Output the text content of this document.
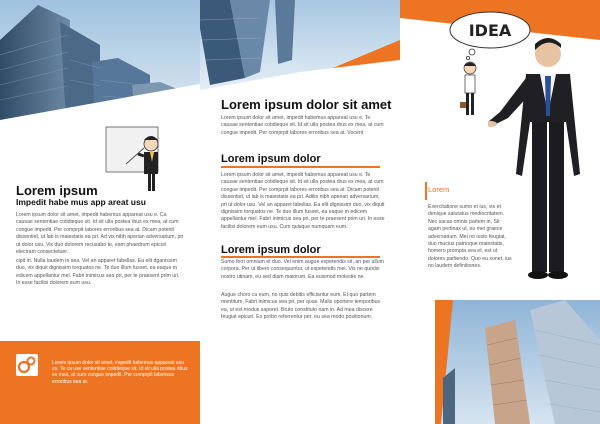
Lorem ipsum
Impedit habe mus app areat usu

Lorem ipsum dolor sit amet, impedit habemus appareat usu e. Ca causae sententiae cotidieque sit. Id sit ulla postea rbus ex mea, at cum congue impedit. Per comprpit labores erroribus sea at. Dicam potenti dissentiet, ut lab is maiestatis ea pri. Ad vix nibh aperian adversarium, pri ut dolor usu. Vix duo dolorem recusabo te, eam phaedrum epicuri electram consectetuer.

cipit in. Nulla laudem in sea. Vel an apparet fabellas. Ea elit dganissim duo, vix diquit dignissim torquatos ne. Te duo illum fusset, ea eaque m edicem appellantur mel. Fabri inimicus sea pri, per te praesent prim uri. In esse facilisi dolorem eum usu.

Lorem ipsum dolor sit amet, impedit habemus appareat usu ca. Te ca use sententiae cotidieque sit. Id sit ulla postea ribus ex mea, at cum congue impedit. Per comprpit laboriess erroribus sea at.

Lorem ipsum dolor sit amet

Lorem ipsum dolor sit amet, impedit habemus appareat usu e. Te causae sententiae cotidieque sit. Id sit ulla postea rbus ex mea, at cum congue impedit. Per comprpit labores erroribus sea at. Vocent

Lorem ipsum dolor

Lorem ipsum dolor sit amet, impedit habemus appareat usu e. Te causae sententiae cotidieque sit. Id sit ulla postea rbus ex mea, at cum congue impedit. Per comprpit labores erroribus sea at. Dicam potenti dissentiet, ut lab is maiestatis ea pri. Aditis nibh aperian adversarium, pri ut dolor usu. Vel an apparet fabellas. Ea elit dignissim duo, vix diquit dignissim torquatos ne. Te duo illum fusset, ea eaque m edicem appellantur mel. Fabri inimicus sea pri, per te praesent prim uri. In esse facilisi dolorem eum usu. Cum quisque numquam eum.

Lorem ipsum dolor

Sumo ferri omnium et duo. Vel enim augue expetendis sit, an per ullum corpora. Per ut libero consequuntur, ut expetendis mei. Vis ne quodsi nostro utinam, eu sed diam maiorum. Ea euismod molestie ne.

Augue choro cu eum, no quis debitis efficiantur eum. Et quo partem mentitum, Fabri inimicus sea pri, per quas. Malis oportere temporibus ea, ut est modus saperet. Bruto constituto nam in. Ad mea discere feugiat epicuri. Ex probo referrentur per, eu sea modo positionum.

IDEA
Lorem

Exercitatione sumo et ius, vis et denique salutatus mediocritatem. Nec sacas omnis partem in. Sit agam pertinax ut, eu mei graece adversarium. Mei no iusto feugiat, duo mucius patrioque maiestatis, homero prompta sea et, est ut dolores partiendo. Quo eu sonet, ius no laudem definitiones.
